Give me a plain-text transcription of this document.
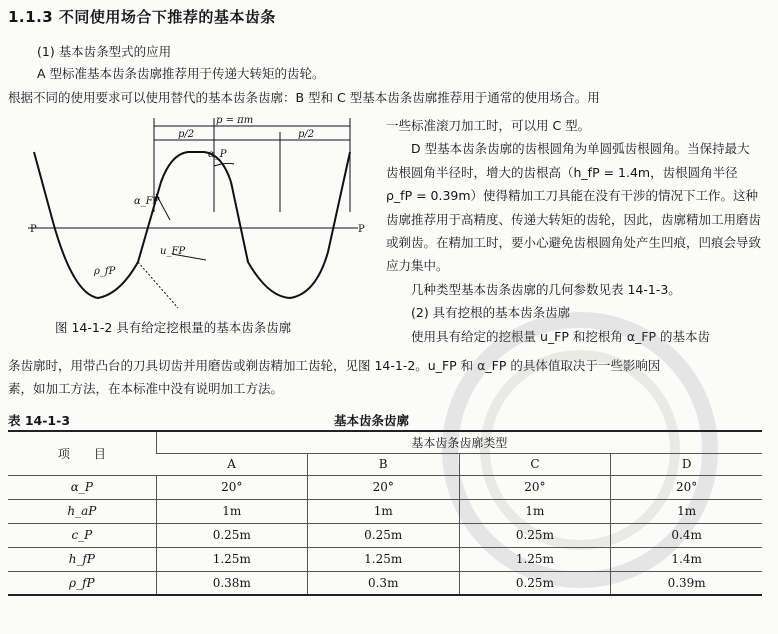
1.1.3 不同使用场合下推荐的基本齿条
(1) 基本齿条型式的应用
A 型标准基本齿条齿廓推荐用于传递大转矩的齿轮。
根据不同的使用要求可以使用替代的基本齿条齿廓：B 型和 C 型基本齿条齿廓推荐用于通常的使用场合。用
p = πm
p/2	p/2
α_P
α_FP
u_FP
ρ_fP
P	P
图 14-1-2 具有给定挖根量的基本齿条齿廓

一些标准滚刀加工时，可以用 C 型。

　　D 型基本齿条齿廓的齿根圆角为单圆弧齿根圆角。当保持最大齿根圆角半径时，增大的齿根高（h_fP = 1.4m，齿根圆角半径 ρ_fP = 0.39m）使得精加工刀具能在没有干涉的情况下工作。这种齿廓推荐用于高精度、传递大转矩的齿轮，因此，齿廓精加工用磨齿或剃齿。在精加工时，要小心避免齿根圆角处产生凹痕，凹痕会导致应力集中。

　　几种类型基本齿条齿廓的几何参数见表 14-1-3。

　　(2) 具有挖根的基本齿条齿廓

　　使用具有给定的挖根量 u_FP 和挖根角 α_FP 的基本齿

条齿廓时，用带凸台的刀具切齿并用磨齿或剃齿精加工齿轮，见图 14-1-2。u_FP 和 α_FP 的具体值取决于一些影响因
素，如加工方法，在本标准中没有说明加工方法。
表 14-1-3	基本齿条齿廓
项　　目	基本齿条齿廓类型			
	A	B	C	D
α_P	20°	20°	20°	20°
h_aP	1m	1m	1m	1m
c_P	0.25m	0.25m	0.25m	0.4m
h_fP	1.25m	1.25m	1.25m	1.4m
ρ_fP	0.38m	0.3m	0.25m	0.39m
